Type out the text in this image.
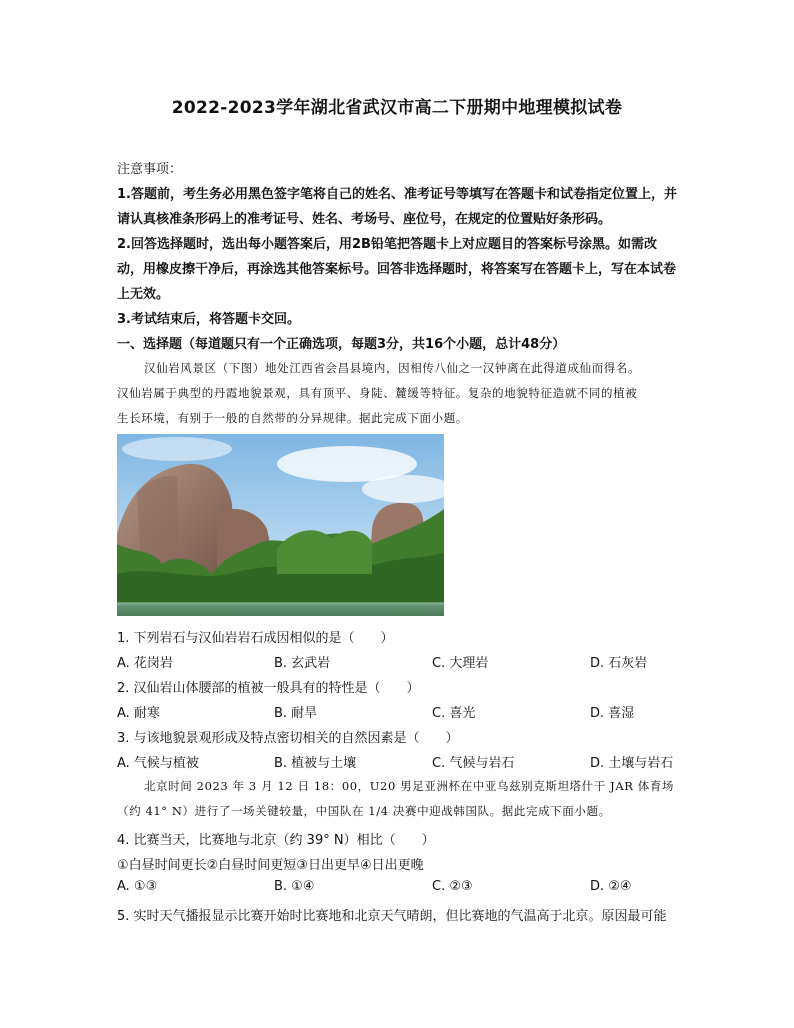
2022-2023学年湖北省武汉市高二下册期中地理模拟试卷
注意事项：
1.答题前，考生务必用黑色签字笔将自己的姓名、准考证号等填写在答题卡和试卷指定位置上，并
请认真核准条形码上的准考证号、姓名、考场号、座位号，在规定的位置贴好条形码。
2.回答选择题时，选出每小题答案后，用2B铅笔把答题卡上对应题目的答案标号涂黑。如需改
动，用橡皮擦干净后，再涂选其他答案标号。回答非选择题时，将答案写在答题卡上，写在本试卷
上无效。
3.考试结束后，将答题卡交回。
一、选择题（每道题只有一个正确选项，每题3分，共16个小题，总计48分）
汉仙岩风景区（下图）地处江西省会昌县境内，因相传八仙之一汉钟离在此得道成仙而得名。
汉仙岩属于典型的丹霞地貌景观，具有顶平、身陡、麓缓等特征。复杂的地貌特征造就不同的植被
生长环境，有别于一般的自然带的分异规律。据此完成下面小题。
1. 下列岩石与汉仙岩岩石成因相似的是（　　）
A. 花岗岩	B. 玄武岩	C. 大理岩	D. 石灰岩
2. 汉仙岩山体腰部的植被一般具有的特性是（　　）
A. 耐寒	B. 耐旱	C. 喜光	D. 喜湿
3. 与该地貌景观形成及特点密切相关的自然因素是（　　）
A. 气候与植被	B. 植被与土壤	C. 气候与岩石	D. 土壤与岩石
北京时间 2023 年 3 月 12 日 18：00，U20 男足亚洲杯在中亚乌兹别克斯坦塔什干 JAR 体育场
（约 41° N）进行了一场关键较量，中国队在 1/4 决赛中迎战韩国队。据此完成下面小题。
4. 比赛当天，比赛地与北京（约 39° N）相比（　　）
①白昼时间更长②白昼时间更短③日出更早④日出更晚
A. ①③	B. ①④	C. ②③	D. ②④
5. 实时天气播报显示比赛开始时比赛地和北京天气晴朗，但比赛地的气温高于北京。原因最可能
